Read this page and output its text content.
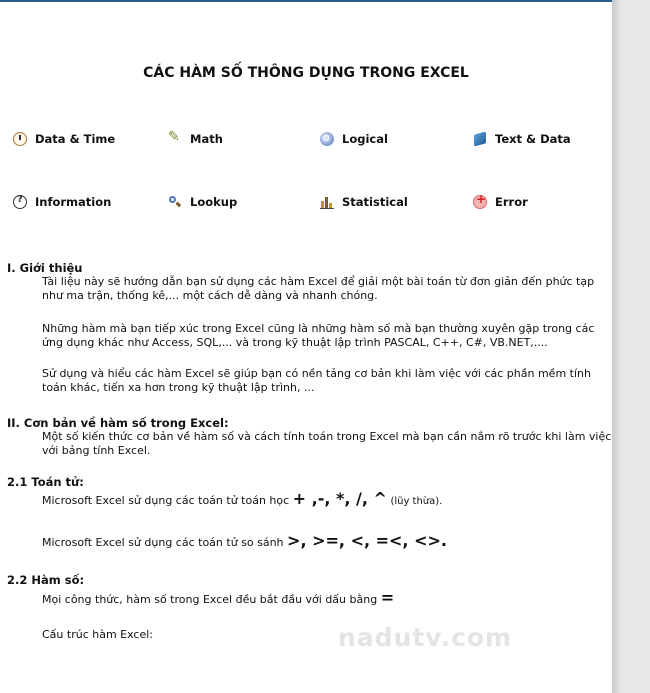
CÁC HÀM SỐ THÔNG DỤNG TRONG EXCEL
Data & Time ✎	Math	Logical	Text & Data
?
Information	Lookup	Statistical +	Error
I. Giới thiệu
Tài liệu này sẽ hướng dẫn bạn sử dụng các hàm Excel để giải một bài toán từ đơn giản đến phức tạp như ma trận, thống kê,... một cách dễ dàng và nhanh chóng.
Những hàm mà bạn tiếp xúc trong Excel cũng là những hàm số mà bạn thường xuyên gặp trong các ứng dụng khác như Access, SQL,... và trong kỹ thuật lập trình PASCAL, C++, C#, VB.NET,....
Sử dụng và hiểu các hàm Excel sẽ giúp bạn có nền tảng cơ bản khi làm việc với các phần mềm tính toán khác, tiến xa hơn trong kỹ thuật lập trình, ...
II. Cơn bản về hàm số trong Excel:
Một số kiến thức cơ bản về hàm số và cách tính toán trong Excel mà bạn cần nắm rõ trước khi làm việc với bảng tính Excel.
2.1 Toán tử:
Microsoft Excel sử dụng các toán tử toán học + ,-, *, /, ^ (lũy thừa).
Microsoft Excel sử dụng các toán tử so sánh >, >=, <, =<, <>.
2.2 Hàm số:
Mọi công thức, hàm số trong Excel đều bắt đầu với dấu bằng =
Cấu trúc hàm Excel:	nadutv.com
